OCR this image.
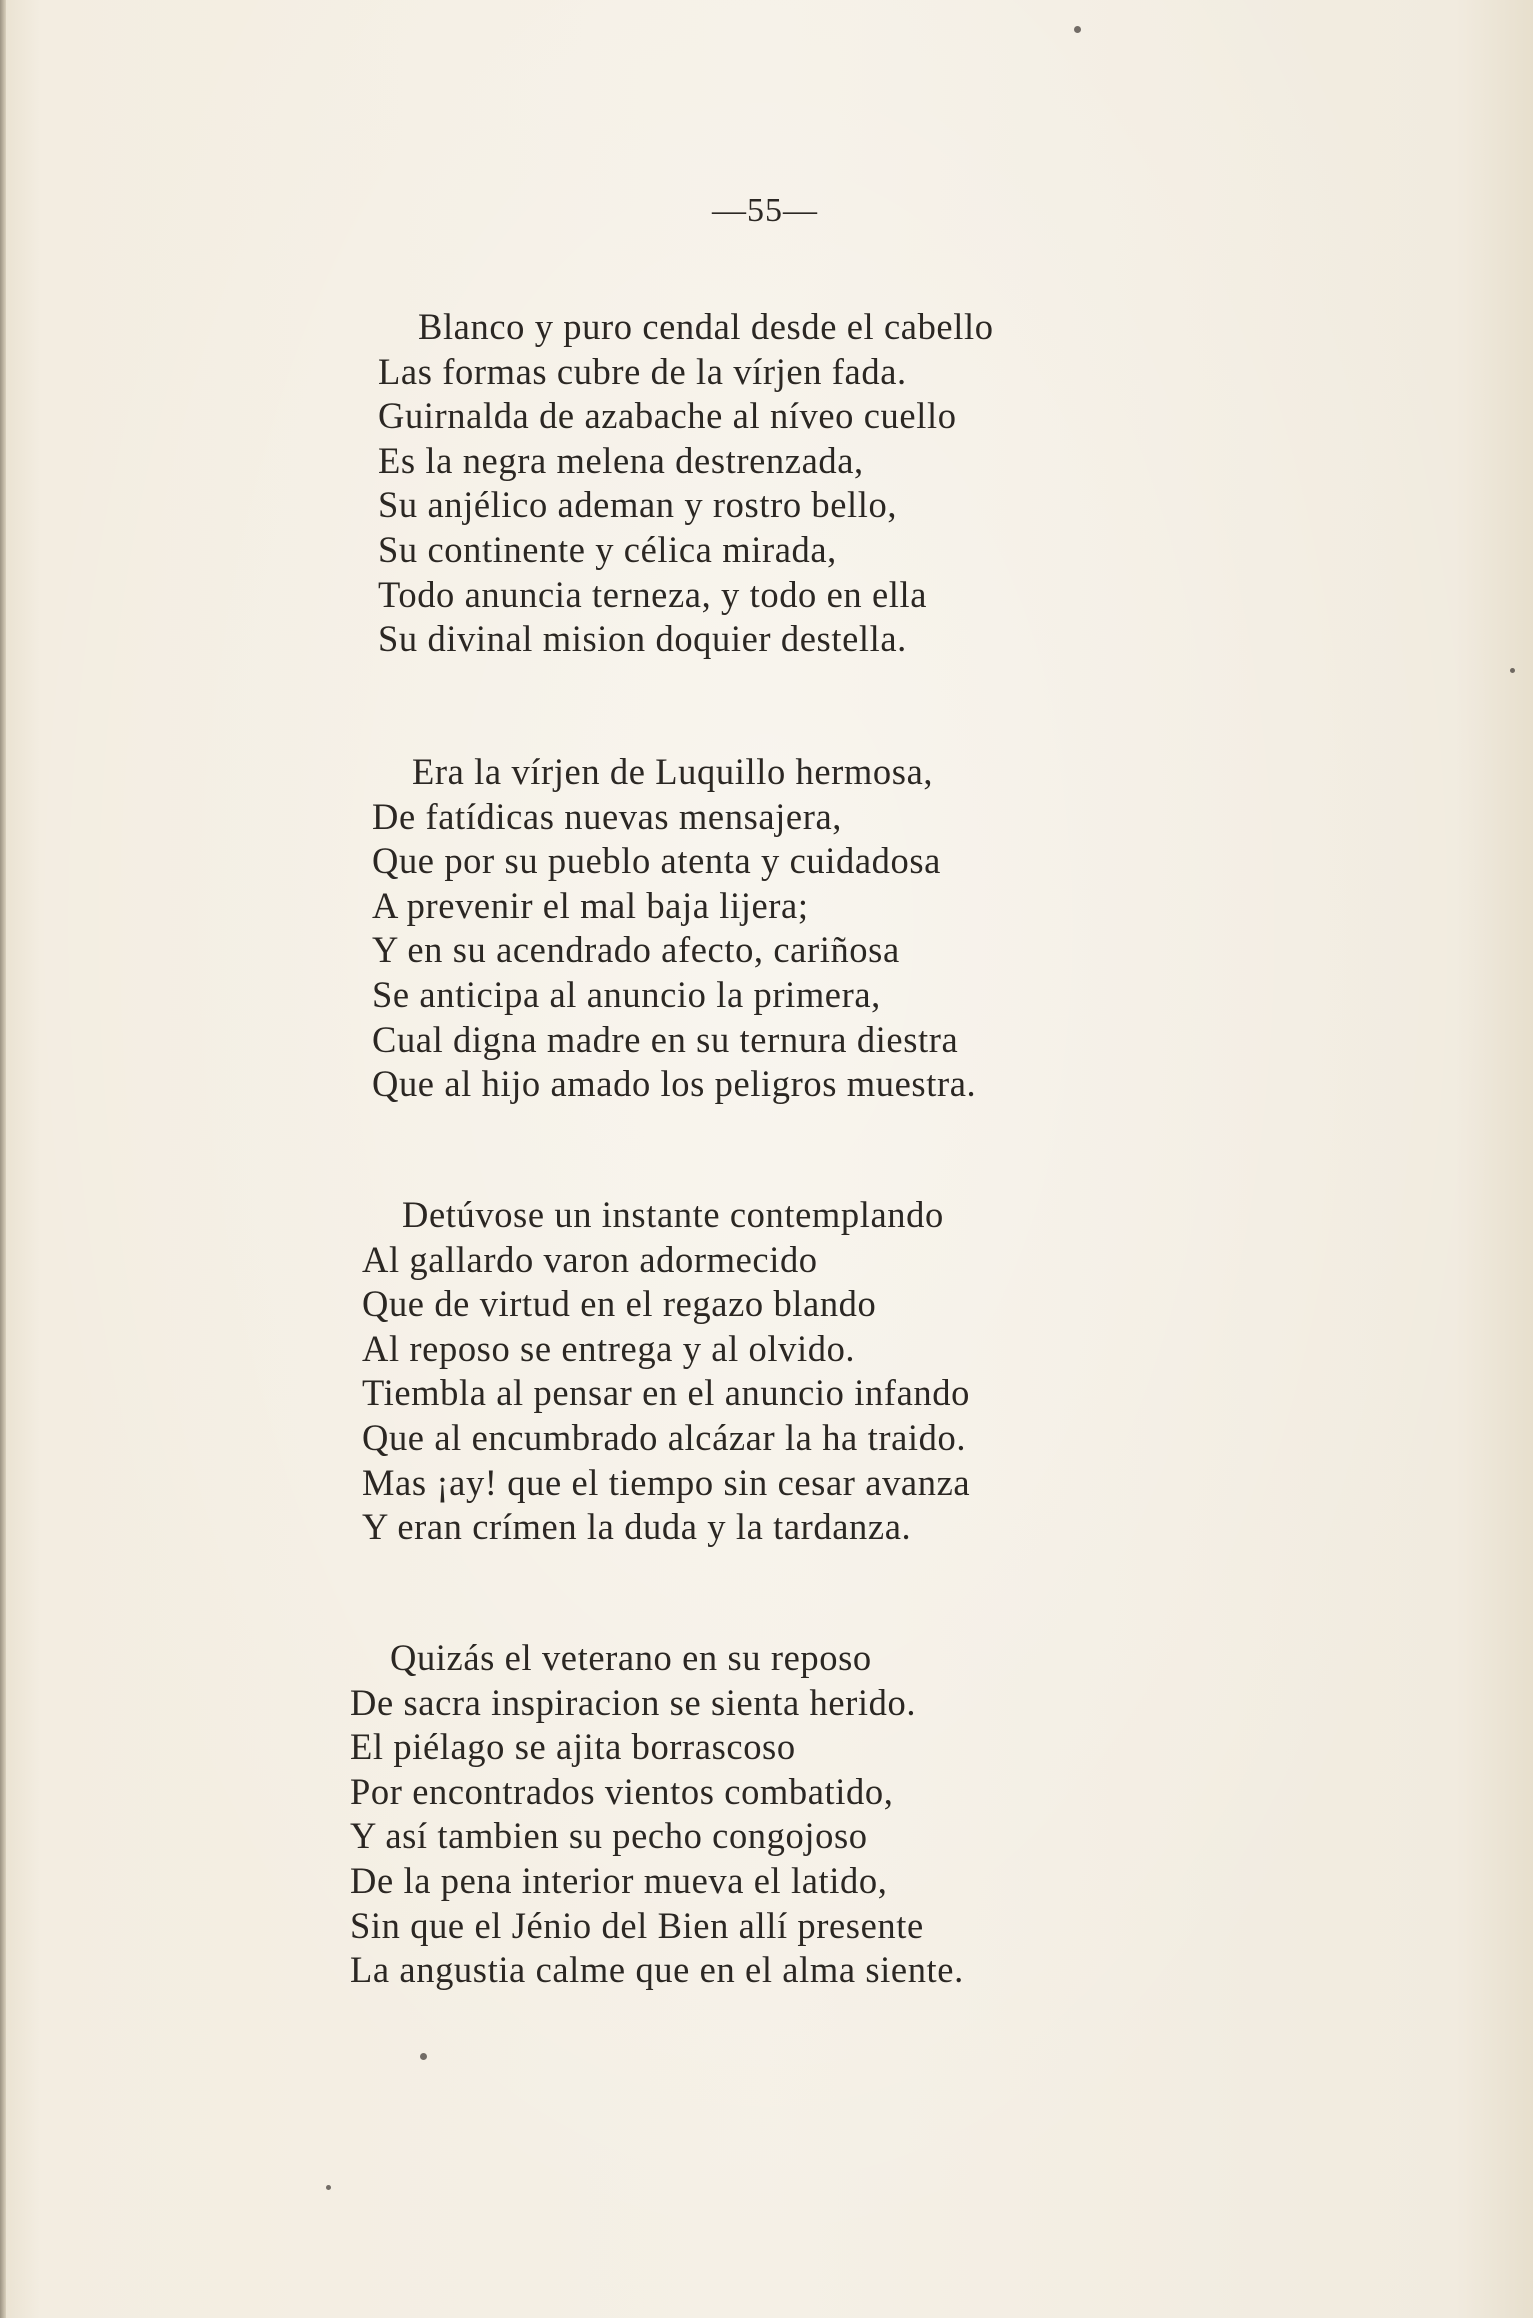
—55—
Blanco y puro cendal desde el cabello
Las formas cubre de la vírjen fada.
Guirnalda de azabache al níveo cuello
Es la negra melena destrenzada,
Su anjélico ademan y rostro bello,
Su continente y célica mirada,
Todo anuncia terneza, y todo en ella
Su divinal mision doquier destella.
Era la vírjen de Luquillo hermosa,
De fatídicas nuevas mensajera,
Que por su pueblo atenta y cuidadosa
A prevenir el mal baja lijera;
Y en su acendrado afecto, cariñosa
Se anticipa al anuncio la primera,
Cual digna madre en su ternura diestra
Que al hijo amado los peligros muestra.
Detúvose un instante contemplando
Al gallardo varon adormecido
Que de virtud en el regazo blando
Al reposo se entrega y al olvido.
Tiembla al pensar en el anuncio infando
Que al encumbrado alcázar la ha traido.
Mas ¡ay! que el tiempo sin cesar avanza
Y eran crímen la duda y la tardanza.
Quizás el veterano en su reposo
De sacra inspiracion se sienta herido.
El piélago se ajita borrascoso
Por encontrados vientos combatido,
Y así tambien su pecho congojoso
De la pena interior mueva el latido,
Sin que el Jénio del Bien allí presente
La angustia calme que en el alma siente.
